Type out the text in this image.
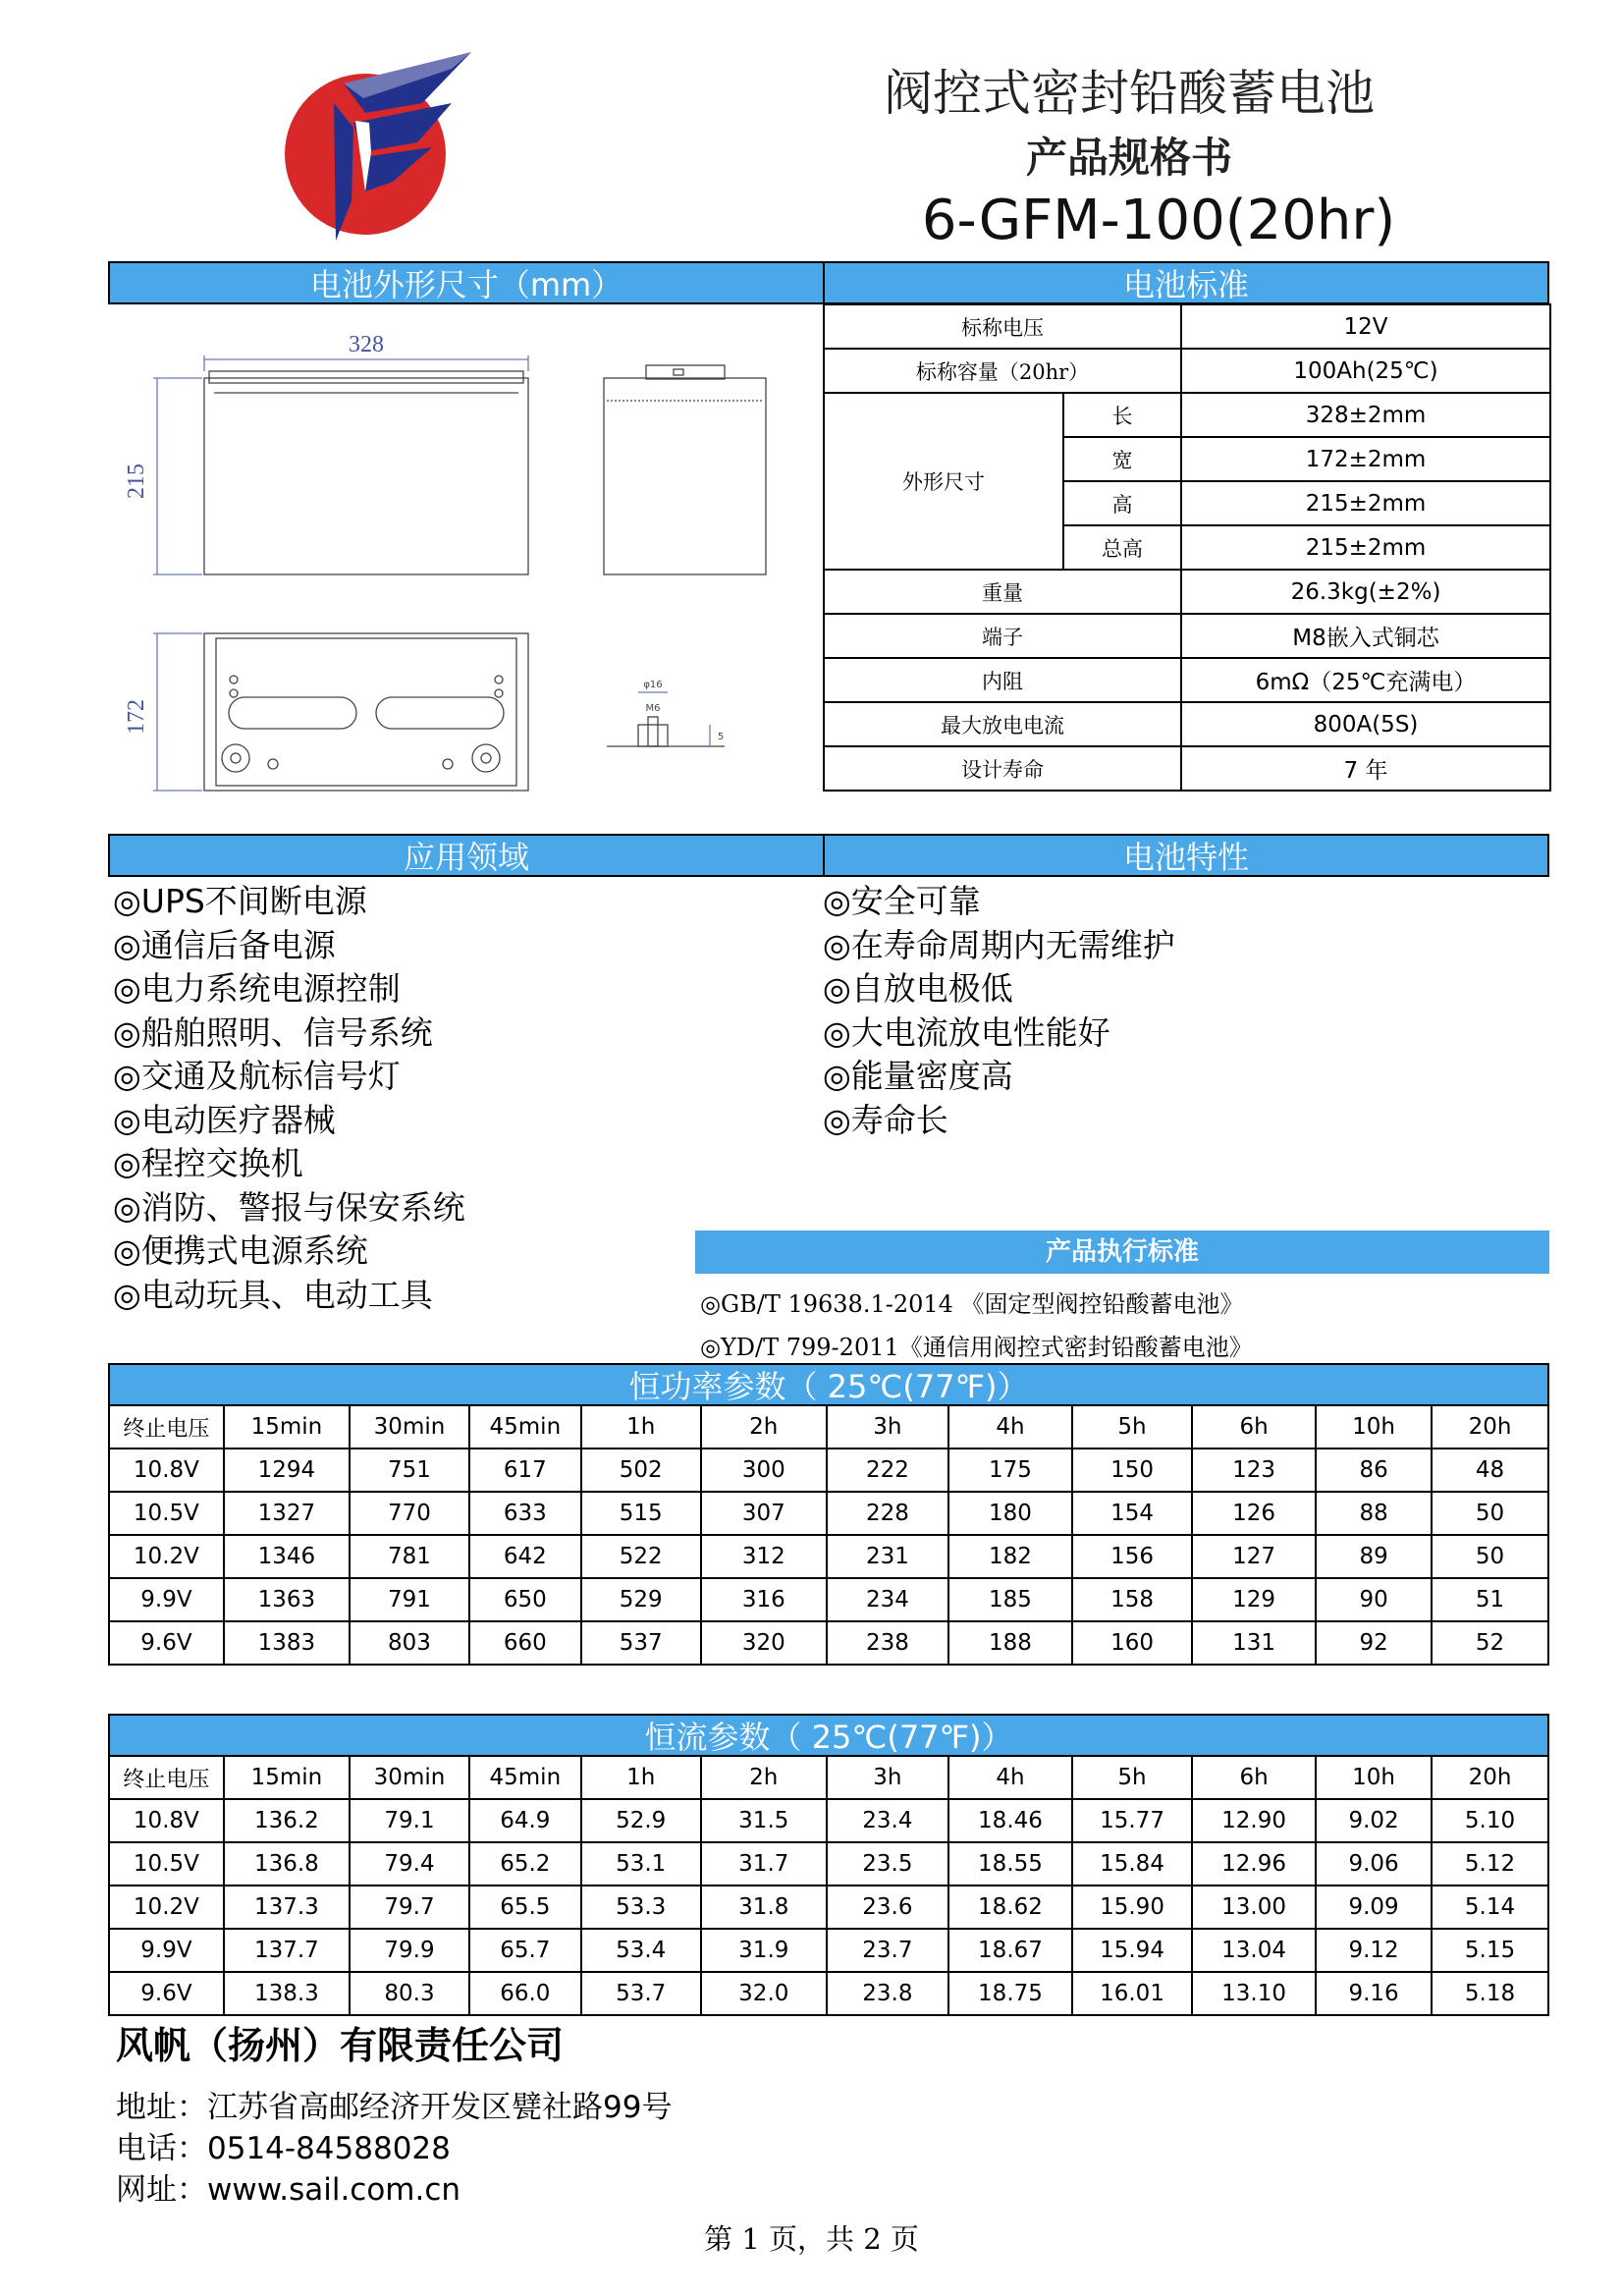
阀控式密封铅酸蓄电池
产品规格书
6-GFM-100(20hr)
电池外形尺寸（mm）	电池标准
328
215
172
φ16
M6
5
标称电压		12V
标称容量（20hr）		100Ah(25℃)
外形尺寸	长	328±2mm
	宽	172±2mm
	高	215±2mm
	总高	215±2mm
重量		26.3kg(±2%)
端子		M8嵌入式铜芯
内阻		6mΩ（25℃充满电）
最大放电电流		800A(5S)
设计寿命		7 年
应用领域	电池特性
◎UPS不间断电源
◎通信后备电源
◎电力系统电源控制
◎船舶照明、信号系统
◎交通及航标信号灯
◎电动医疗器械
◎程控交换机
◎消防、警报与保安系统
◎便携式电源系统
◎电动玩具、电动工具
◎安全可靠
◎在寿命周期内无需维护
◎自放电极低
◎大电流放电性能好
◎能量密度高
◎寿命长
产品执行标准
◎GB/T 19638.1-2014 《固定型阀控铅酸蓄电池》
◎YD/T 799-2011《通信用阀控式密封铅酸蓄电池》
恒功率参数（ 25℃(77℉)）
终止电压	15min	30min	45min	1h	2h	3h	4h	5h	6h	10h	20h
10.8V	1294	751	617	502	300	222	175	150	123	86	48
10.5V	1327	770	633	515	307	228	180	154	126	88	50
10.2V	1346	781	642	522	312	231	182	156	127	89	50
9.9V	1363	791	650	529	316	234	185	158	129	90	51
9.6V	1383	803	660	537	320	238	188	160	131	92	52
恒流参数（ 25℃(77℉)）
终止电压	15min	30min	45min	1h	2h	3h	4h	5h	6h	10h	20h
10.8V	136.2	79.1	64.9	52.9	31.5	23.4	18.46	15.77	12.90	9.02	5.10
10.5V	136.8	79.4	65.2	53.1	31.7	23.5	18.55	15.84	12.96	9.06	5.12
10.2V	137.3	79.7	65.5	53.3	31.8	23.6	18.62	15.90	13.00	9.09	5.14
9.9V	137.7	79.9	65.7	53.4	31.9	23.7	18.67	15.94	13.04	9.12	5.15
9.6V	138.3	80.3	66.0	53.7	32.0	23.8	18.75	16.01	13.10	9.16	5.18
风帆（扬州）有限责任公司
地址：江苏省高邮经济开发区甓社路99号
电话：0514-84588028
网址：www.sail.com.cn
第 1 页，共 2 页
